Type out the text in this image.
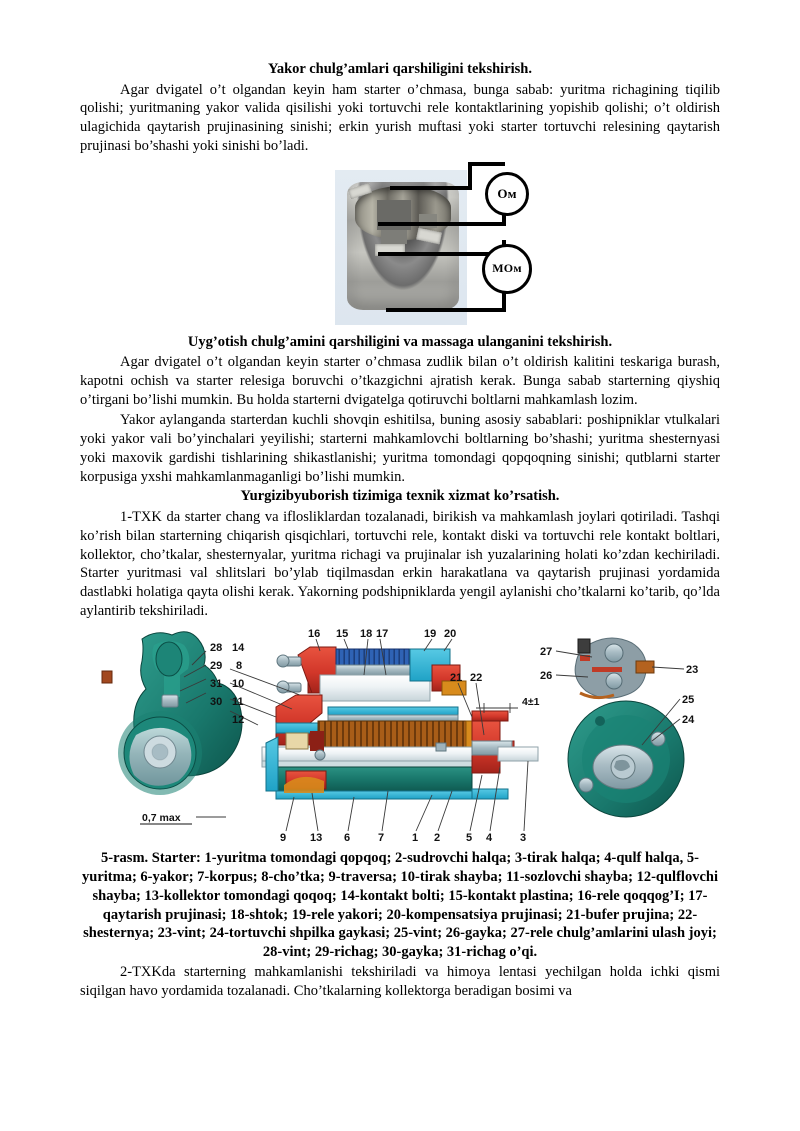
Yakor chulg’amlari qarshiligini tekshirish.

Agar dvigatel o’t olgandan keyin ham starter o’chmasa, bunga sabab: yuritma richagining tiqilib qolishi; yuritmaning yakor valida qisilishi yoki tortuvchi rele kontaktlarining yopishib qolishi; o’t oldirish ulagichida qaytarish prujinasining sinishi; erkin yurish muftasi yoki starter tortuvchi relesining qaytarish prujinasi bo’shashi yoki sinishi bo’ladi.

Ом
МОм
Uyg’otish chulg’amini qarshiligini va massaga ulanganini tekshirish.

Agar dvigatel o’t olgandan keyin starter o’chmasa zudlik bilan o’t oldirish kalitini teskariga burash, kapotni ochish va starter relesiga boruvchi o’tkazgichni ajratish kerak. Bunga sabab starterning qiyshiq o’tirgani bo’lishi mumkin. Bu holda starterni dvigatelga qotiruvchi boltlarni mahkamlash lozim.

Yakor aylanganda starterdan kuchli shovqin eshitilsa, buning asosiy sabablari: poshipniklar vtulkalari yoki yakor vali bo’yinchalari yeyilishi; starterni mahkamlovchi boltlarning bo’shashi; yuritma shesternyasi yoki maxovik gardishi tishlarining shikastlanishi; yuritma tomondagi qopqoqning sinishi; qutblarni starter korpusiga yxshi mahkamlanmaganligi bo’lishi mumkin.

Yurgizibyuborish tizimiga texnik xizmat ko’rsatish.

1-TXK da starter chang va iflosliklardan tozalanadi, birikish va mahkamlash joylari qotiriladi. Tashqi ko’rish bilan starterning chiqarish qisqichlari, tortuvchi rele, kontakt diski va tortuvchi rele kontakt boltlari, kollektor, cho’tkalar, shesternyalar, yuritma richagi va prujinalar ish yuzalarining holati ko’zdan kechiriladi. Starter yuritmasi val shlitslari bo’ylab tiqilmasdan erkin harakatlana va qaytarish prujinasi yordamida dastlabki holatiga qayta olishi kerak. Yakorning podshipniklarda yengil aylanishi cho’tkalarni ko’tarib, qo’lda aylantirib tekshiriladi.

28 14
29 8
31 10
30 11
12
16 15 18 17	19 20
21 22
9 13 6	7	1 2 5 4	3
27
26	23
25
24
0,7 max
4±1

5-rasm. Starter: 1-yuritma tomondagi qopqoq; 2-sudrovchi halqa; 3-tirak halqa; 4-qulf halqa, 5-yuritma; 6-yakor; 7-korpus; 8-cho’tka; 9-traversa; 10-tirak shayba; 11-sozlovchi shayba; 12-qulflovchi shayba; 13-kollektor tomondagi qoqoq; 14-kontakt bolti; 15-kontakt plastina; 16-rele qoqqog’I; 17-qaytarish prujinasi; 18-shtok; 19-rele yakori; 20-kompensatsiya prujinasi; 21-bufer prujina; 22-shesternya; 23-vint; 24-tortuvchi shpilka gaykasi; 25-vint; 26-gayka; 27-rele chulg’amlarini ulash joyi; 28-vint; 29-richag; 30-gayka; 31-richag o’qi.

2-TXKda starterning mahkamlanishi tekshiriladi va himoya lentasi yechilgan holda ichki qismi siqilgan havo yordamida tozalanadi. Cho’tkalarning kollektorga beradigan bosimi va
